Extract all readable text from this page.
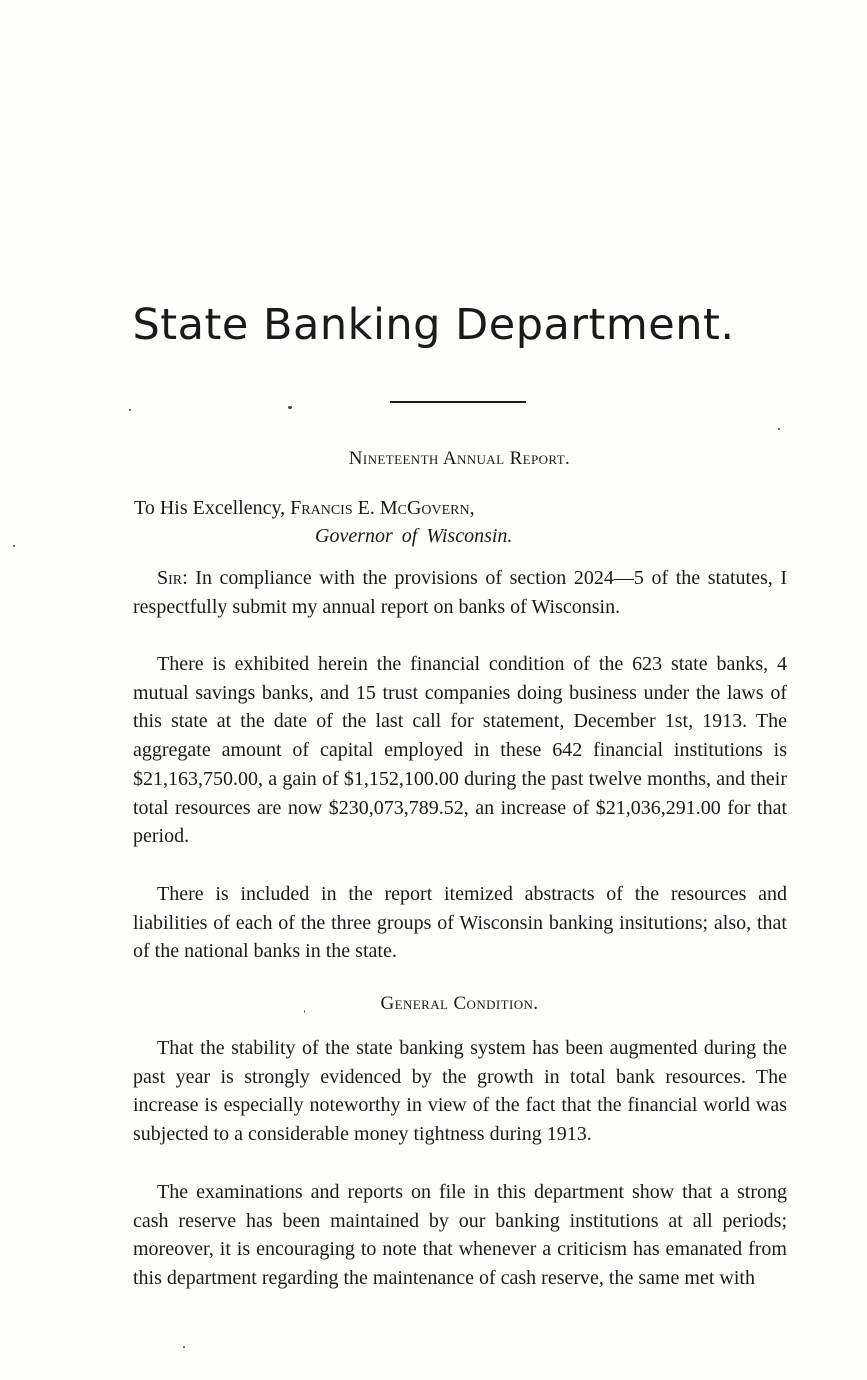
State Banking Department.
Nineteenth Annual Report.
To His Excellency, Francis E. McGovern,
Governor of Wisconsin.

Sir: In compliance with the provisions of section 2024—5 of the statutes, I respectfully submit my annual report on banks of Wisconsin.

There is exhibited herein the financial condition of the 623 state banks, 4 mutual savings banks, and 15 trust companies doing business under the laws of this state at the date of the last call for statement, December 1st, 1913. The aggregate amount of capital employed in these 642 financial institutions is $21,163,750.00, a gain of $1,152,100.00 during the past twelve months, and their total resources are now $230,073,789.52, an increase of $21,036,291.00 for that period.

There is included in the report itemized abstracts of the resources and liabilities of each of the three groups of Wisconsin banking insitutions; also, that of the national banks in the state.

General Condition.

That the stability of the state banking system has been augmented during the past year is strongly evidenced by the growth in total bank resources. The increase is especially noteworthy in view of the fact that the financial world was subjected to a considerable money tightness during 1913.

The examinations and reports on file in this department show that a strong cash reserve has been maintained by our banking institutions at all periods; moreover, it is encouraging to note that whenever a criticism has emanated from this department regarding the maintenance of cash reserve, the same met with
